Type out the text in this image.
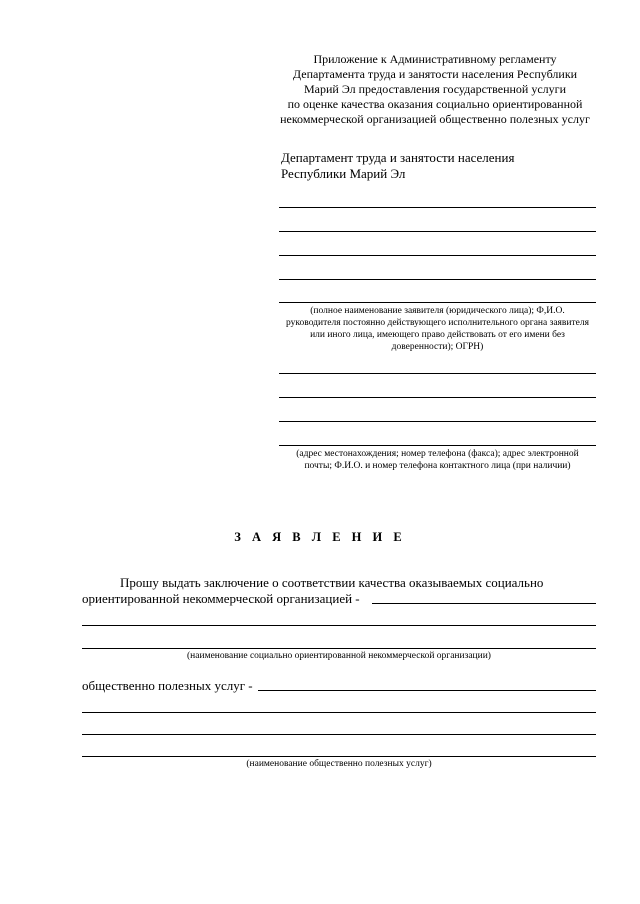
Приложение к Административному регламенту
Департамента труда и занятости населения Республики
Марий Эл предоставления государственной услуги
по оценке качества оказания социально ориентированной
некоммерческой организацией общественно полезных услуг
Департамент труда и занятости населения
Республики Марий Эл
(полное наименование заявителя (юридического лица); Ф,И.О.
руководителя постоянно действующего исполнительного органа заявителя
или иного лица, имеющего право действовать от его имени без
доверенности); ОГРН)
(адрес местонахождения; номер телефона (факса); адрес электронной
почты; Ф.И.О. и номер телефона контактного лица (при наличии)
З А Я В Л Е Н И Е
Прошу выдать заключение о соответствии качества оказываемых социально
ориентированной некоммерческой организацией -
(наименование социально ориентированной некоммерческой организации)
общественно полезных услуг -
(наименование общественно полезных услуг)
